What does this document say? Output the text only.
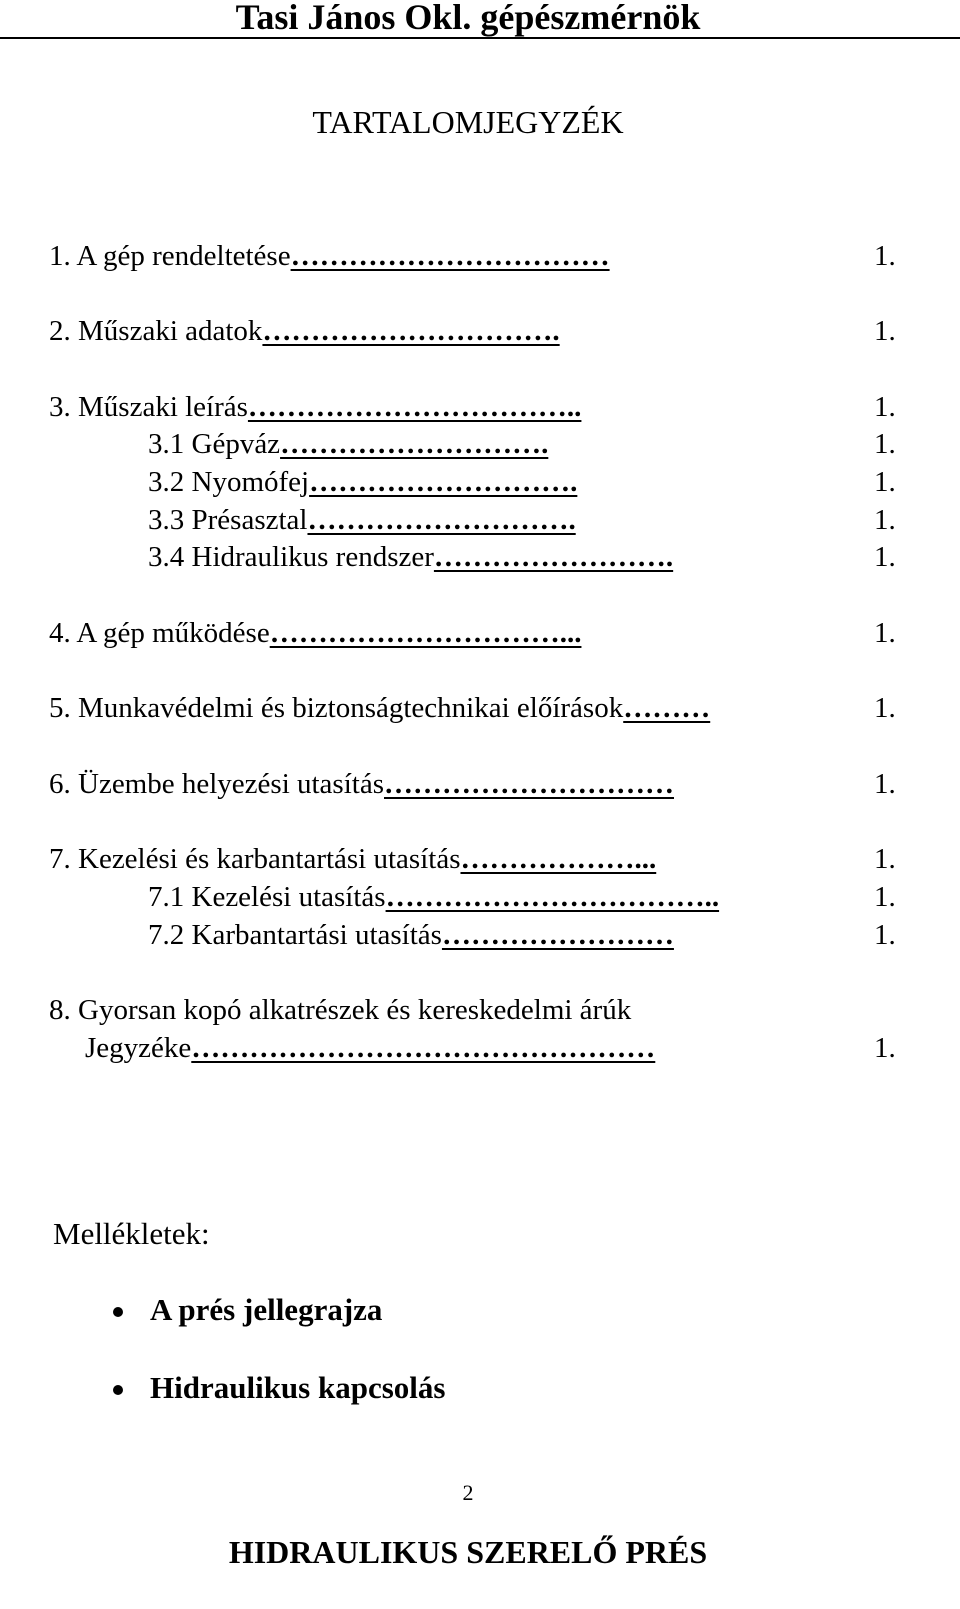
Tasi János Okl. gépészmérnök
TARTALOMJEGYZÉK
1. A gép rendeltetése……………………………	1.
2. Műszaki adatok………………………….	1.
3. Műszaki leírás……………………………..	1.
3.1 Gépváz……………………….	1.
3.2 Nyomófej……………………….	1.
3.3 Présasztal……………………….	1.
3.4 Hidraulikus rendszer…………………….	1.
4. A gép működése…………………………...	1.
5. Munkavédelmi és biztonságtechnikai előírások………	1.
6. Üzembe helyezési utasítás…………………………	1.
7. Kezelési és karbantartási utasítás………………...	1.
7.1 Kezelési utasítás……………………………..	1.
7.2 Karbantartási utasítás……………………	1.
8. Gyorsan kopó alkatrészek és kereskedelmi árúk
Jegyzéke…………………………………………	1.
Mellékletek:
A prés jellegrajza
Hidraulikus kapcsolás
2
HIDRAULIKUS SZERELŐ PRÉS
